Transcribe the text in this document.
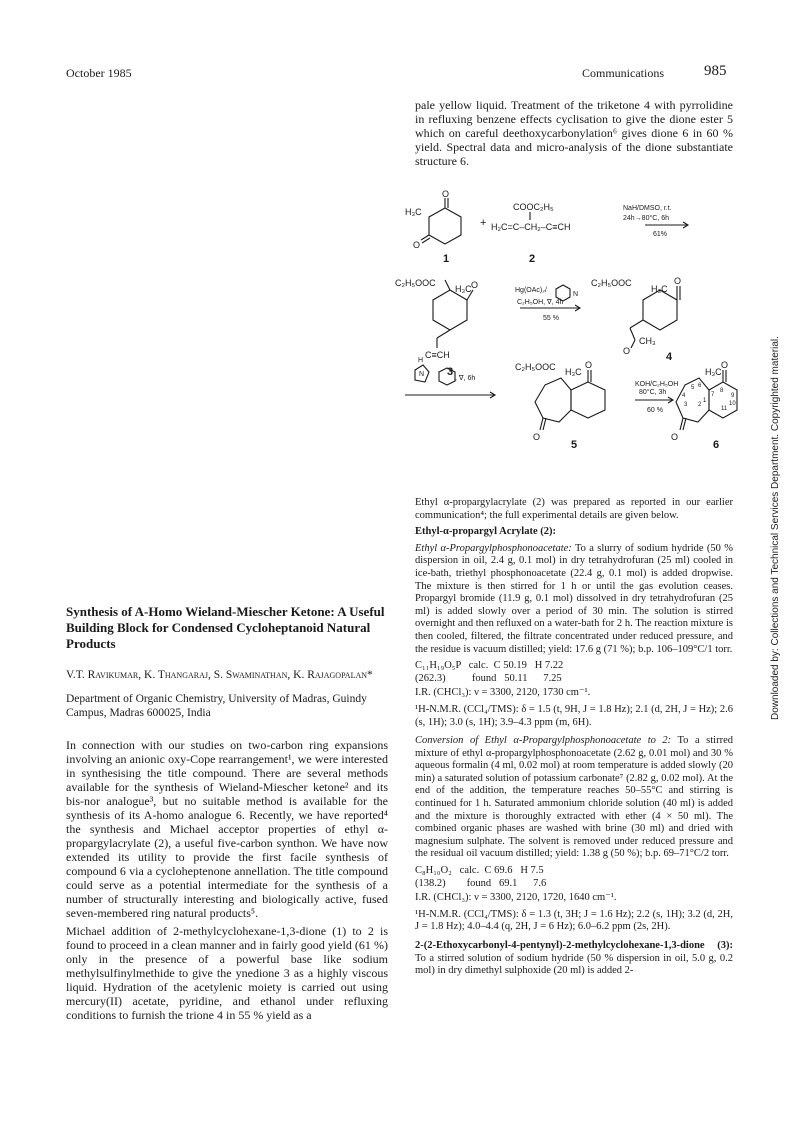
October 1985	Communications	985
Downloaded by: Collections and Technical Services Department. Copyrighted material.

pale yellow liquid. Treatment of the triketone 4 with pyrrolidine in refluxing benzene effects cyclisation to give the dione ester 5 which on careful deethoxycarbonylation⁶ gives dione 6 in 60 % yield. Spectral data and micro-analysis of the dione substantiate structure 6.

H₃C
O
O
1
+
COOC₂H₅
H₂C=C–CH₂–C≡CH
2
NaH/DMSO, r.t.
24h→80°C, 6h
61%
C₂H₅OOC
H₃C O
C≡CH
3
Hg(OAc)₂/
N
C₂H₅OH, ∇, 4h
55 %
C₂H₅OOC
H₃C
O
CH₃
O	4
H
N
, ∇, 6h
C₂H₅OOC H₃C
O
O
5
KOH/C₂H₅OH
80°C, 3h
60 %
H₃C
O
O
5 6
7
8
4
3 2
1
11
10
9
6
Synthesis of A-Homo Wieland-Miescher Ketone: A Useful Building Block for Condensed Cycloheptanoid Natural Products
V.T. Ravikumar, K. Thangaraj, S. Swaminathan, K. Rajagopalan*
Department of Organic Chemistry, University of Madras, Guindy Campus, Madras 600025, India

In connection with our studies on two-carbon ring expansions involving an anionic oxy-Cope rearrangement¹, we were interested in synthesising the title compound. There are several methods available for the synthesis of Wieland-Miescher ketone² and its bis-nor analogue³, but no suitable method is available for the synthesis of its A-homo analogue 6. Recently, we have reported⁴ the synthesis and Michael acceptor properties of ethyl α-propargylacrylate (2), a useful five-carbon synthon. We have now extended its utility to provide the first facile synthesis of compound 6 via a cycloheptenone annellation. The title compound could serve as a potential intermediate for the synthesis of a number of structurally interesting and biologically active, fused seven-membered ring natural products⁵.

Michael addition of 2-methylcyclohexane-1,3-dione (1) to 2 is found to proceed in a clean manner and in fairly good yield (61 %) only in the presence of a powerful base like sodium methylsulfinylmethide to give the ynedione 3 as a highly viscous liquid. Hydration of the acetylenic moiety is carried out using mercury(II) acetate, pyridine, and ethanol under refluxing conditions to furnish the trione 4 in 55 % yield as a

Ethyl α-propargylacrylate (2) was prepared as reported in our earlier communication⁴; the full experimental details are given below.

Ethyl-α-propargyl Acrylate (2):

Ethyl α-Propargylphosphonoacetate: To a slurry of sodium hydride (50 % dispersion in oil, 2.4 g, 0.1 mol) in dry tetrahydrofuran (25 ml) cooled in ice-bath, triethyl phosphonoacetate (22.4 g, 0.1 mol) is added dropwise. The mixture is then stirred for 1 h or until the gas evolution ceases. Propargyl bromide (11.9 g, 0.1 mol) dissolved in dry tetrahydrofuran (25 ml) is added slowly over a period of 30 min. The solution is stirred overnight and then refluxed on a water-bath for 2 h. The reaction mixture is then cooled, filtered, the filtrate concentrated under reduced pressure, and the residue is vacuum distilled; yield: 17.6 g (71 %); b.p. 106–109°C/1 torr.

C₁₁H₁₉O₅P   calc.  C 50.19   H 7.22
(262.3)          found   50.11      7.25

I.R. (CHCl₃): ν = 3300, 2120, 1730 cm⁻¹.

¹H-N.M.R. (CCl₄/TMS): δ = 1.5 (t, 9H, J = 1.8 Hz); 2.1 (d, 2H, J = Hz); 2.6 (s, 1H); 3.0 (s, 1H); 3.9–4.3 ppm (m, 6H).

Conversion of Ethyl α-Propargylphosphonoacetate to 2: To a stirred mixture of ethyl α-propargylphosphonoacetate (2.62 g, 0.01 mol) and 30 % aqueous formalin (4 ml, 0.02 mol) at room temperature is added slowly (20 min) a saturated solution of potassium carbonate⁷ (2.82 g, 0.02 mol). At the end of the addition, the temperature reaches 50–55°C and stirring is continued for 1 h. Saturated ammonium chloride solution (40 ml) is added and the mixture is thoroughly extracted with ether (4 × 50 ml). The combined organic phases are washed with brine (30 ml) and dried with magnesium sulphate. The solvent is removed under reduced pressure and the residual oil vacuum distilled; yield: 1.38 g (50 %); b.p. 69–71°C/2 torr.

C₈H₁₀O₂   calc.  C 69.6   H 7.5
(138.2)        found   69.1      7.6

I.R. (CHCl₃): ν = 3300, 2120, 1720, 1640 cm⁻¹.

¹H-N.M.R. (CCl₄/TMS): δ = 1.3 (t, 3H; J = 1.6 Hz); 2.2 (s, 1H); 3.2 (d, 2H, J = 1.8 Hz); 4.0–4.4 (q, 2H, J = 6 Hz); 6.0–6.2 ppm (2s, 2H).

2-(2-Ethoxycarbonyl-4-pentynyl)-2-methylcyclohexane-1,3-dione (3): To a stirred solution of sodium hydride (50 % dispersion in oil, 5.0 g, 0.2 mol) in dry dimethyl sulphoxide (20 ml) is added 2-
